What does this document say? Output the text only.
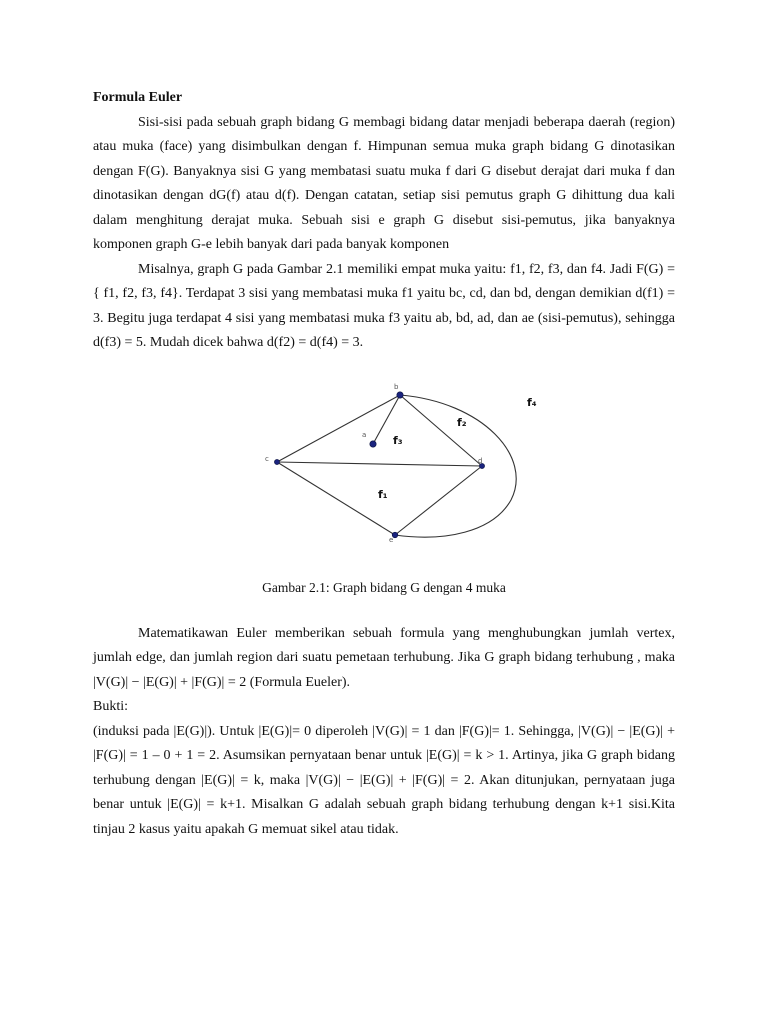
Formula Euler

Sisi-sisi pada sebuah graph bidang G membagi bidang datar menjadi beberapa daerah (region) atau muka (face) yang disimbulkan dengan f. Himpunan semua muka graph bidang G dinotasikan dengan F(G). Banyaknya sisi G yang membatasi suatu muka f dari G disebut derajat dari muka f dan dinotasikan dengan dG(f) atau d(f). Dengan catatan, setiap sisi pemutus graph G dihittung dua kali dalam menghitung derajat muka. Sebuah sisi e graph G disebut sisi-pemutus, jika banyaknya komponen graph G-e lebih banyak dari pada banyak komponen

Misalnya, graph G pada Gambar 2.1 memiliki empat muka yaitu: f1, f2, f3, dan f4. Jadi F(G) = { f1, f2, f3, f4}. Terdapat 3 sisi yang membatasi muka f1 yaitu bc, cd, dan bd, dengan demikian d(f1) = 3. Begitu juga terdapat 4 sisi yang membatasi muka f3 yaitu ab, bd, ad, dan ae (sisi-pemutus), sehingga d(f3) = 5. Mudah dicek bahwa d(f2) = d(f4) = 3.

b
c
a
d
e
f₄
f₂
f₃
f₁

Gambar 2.1: Graph bidang G dengan 4 muka

Matematikawan Euler memberikan sebuah formula yang menghubungkan jumlah vertex, jumlah edge, dan jumlah region dari suatu pemetaan terhubung. Jika G graph bidang terhubung , maka |V(G)| − |E(G)| + |F(G)| = 2 (Formula Eueler).

Bukti:

(induksi pada |E(G)|). Untuk |E(G)|= 0 diperoleh |V(G)| = 1 dan |F(G)|= 1. Sehingga, |V(G)| − |E(G)| + |F(G)| = 1 – 0 + 1 = 2. Asumsikan pernyataan benar untuk |E(G)| = k > 1. Artinya, jika G graph bidang terhubung dengan |E(G)| = k, maka |V(G)| − |E(G)| + |F(G)| = 2. Akan ditunjukan, pernyataan juga benar untuk |E(G)| = k+1. Misalkan G adalah sebuah graph bidang terhubung dengan k+1 sisi.Kita tinjau 2 kasus yaitu apakah G memuat sikel atau tidak.
